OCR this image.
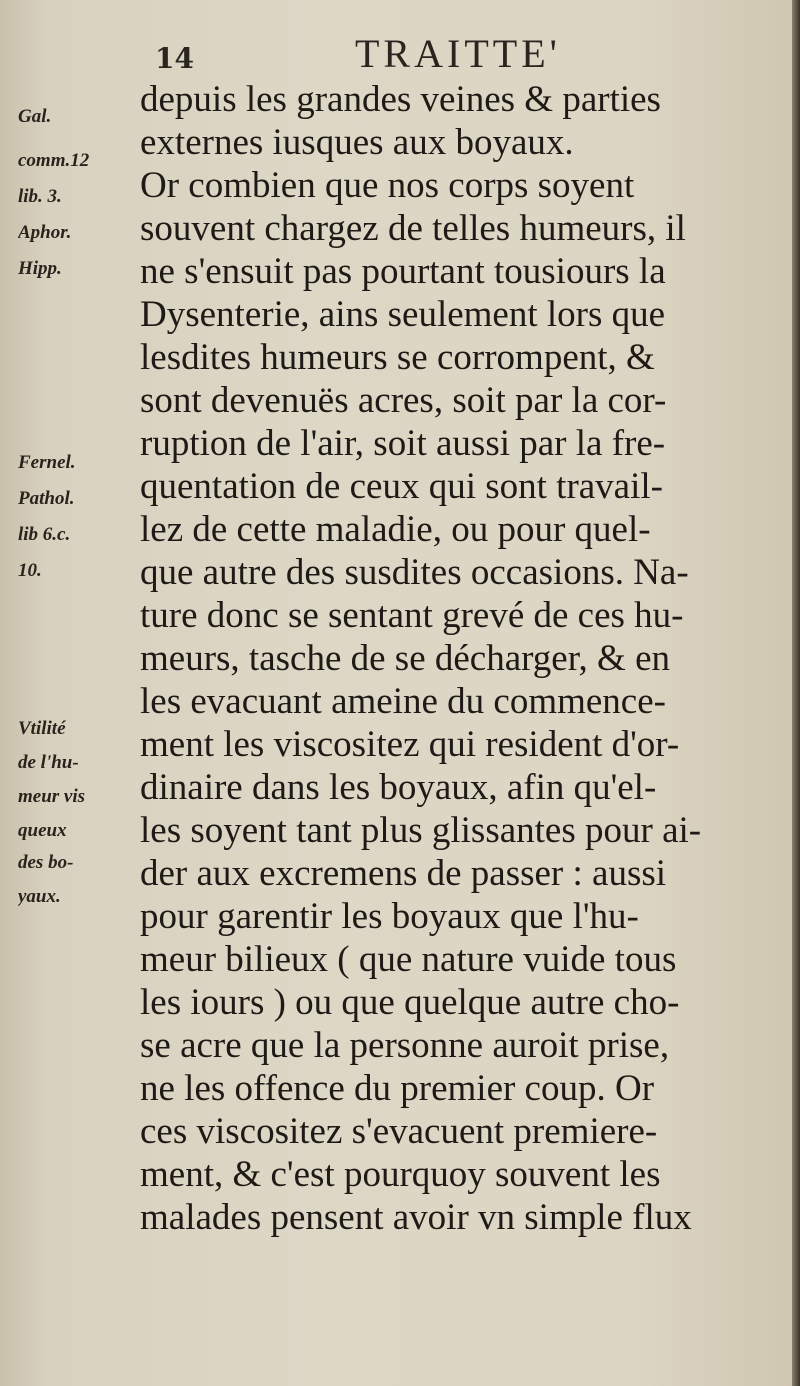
14	TRAITTE'
depuis les grandes veines & parties
externes iusques aux boyaux.
Or combien que nos corps soyent
souvent chargez de telles humeurs, il
ne s'ensuit pas pourtant tousiours la
Dysenterie, ains seulement lors que
lesdites humeurs se corrompent, &
sont devenuës acres, soit par la cor-
ruption de l'air, soit aussi par la fre-
quentation de ceux qui sont travail-
lez de cette maladie, ou pour quel-
que autre des susdites occasions. Na-
ture donc se sentant grevé de ces hu-
meurs, tasche de se décharger, & en
les evacuant ameine du commence-
ment les viscositez qui resident d'or-
dinaire dans les boyaux, afin qu'el-
les soyent tant plus glissantes pour ai-
der aux excremens de passer : aussi
pour garentir les boyaux que l'hu-
meur bilieux ( que nature vuide tous
les iours ) ou que quelque autre cho-
se acre que la personne auroit prise,
ne les offence du premier coup. Or
ces viscositez s'evacuent premiere-
ment, & c'est pourquoy souvent les
malades pensent avoir vn simple flux
Gal.
comm.12
lib. 3.
Aphor.
Hipp.
Fernel.
Pathol.
lib 6.c.
10.
Vtilité
de l'hu-
meur vis
queux
des bo-
yaux.
